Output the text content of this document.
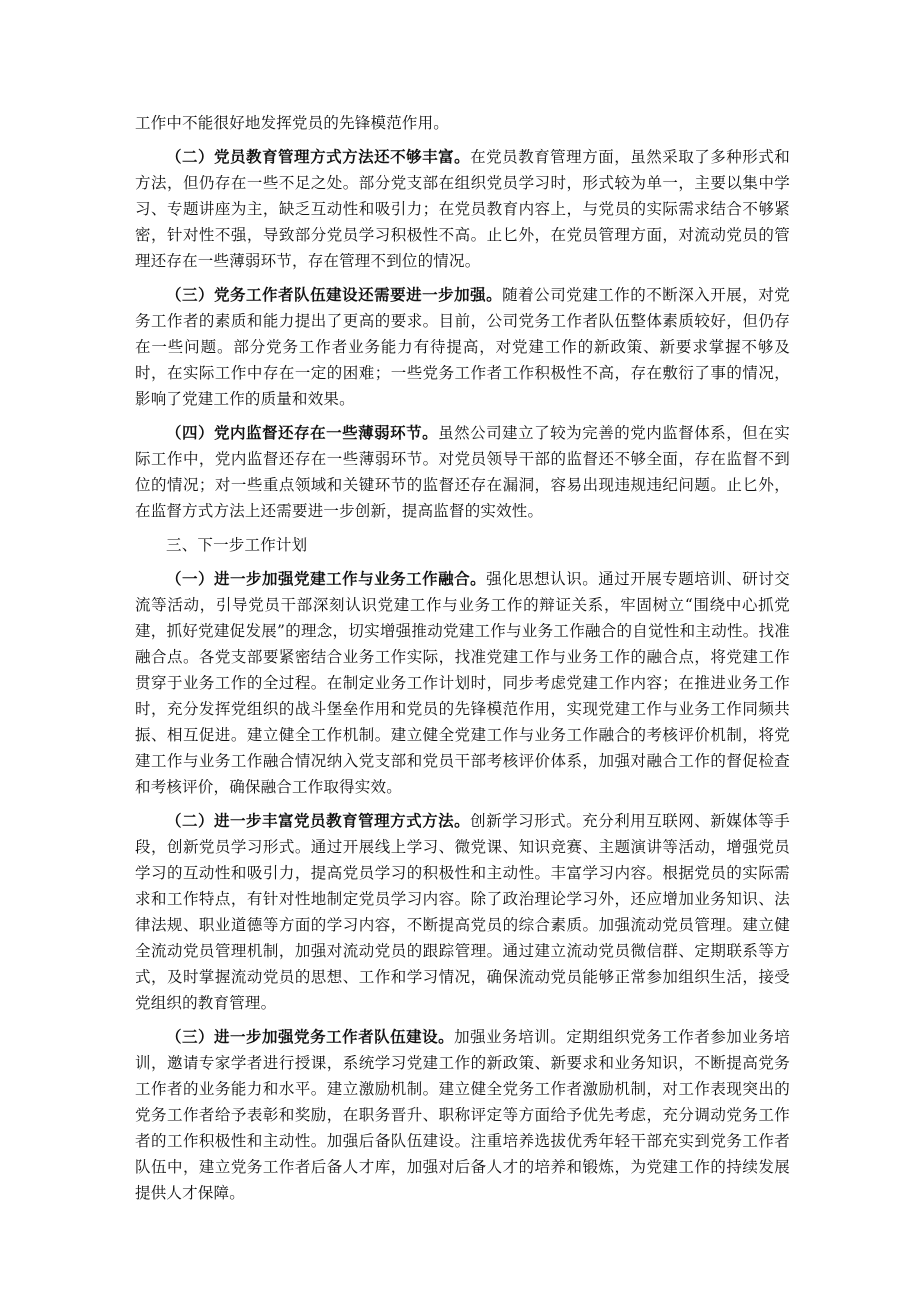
工作中不能很好地发挥党员的先锋模范作用。

（二）党员教育管理方式方法还不够丰富。在党员教育管理方面，虽然采取了多种形式和方法，但仍存在一些不足之处。部分党支部在组织党员学习时，形式较为单一，主要以集中学习、专题讲座为主，缺乏互动性和吸引力；在党员教育内容上，与党员的实际需求结合不够紧密，针对性不强，导致部分党员学习积极性不高。止匕外，在党员管理方面，对流动党员的管理还存在一些薄弱环节，存在管理不到位的情况。

（三）党务工作者队伍建设还需要进一步加强。随着公司党建工作的不断深入开展，对党务工作者的素质和能力提出了更高的要求。目前，公司党务工作者队伍整体素质较好，但仍存在一些问题。部分党务工作者业务能力有待提高，对党建工作的新政策、新要求掌握不够及时，在实际工作中存在一定的困难；一些党务工作者工作积极性不高，存在敷衍了事的情况，影响了党建工作的质量和效果。

（四）党内监督还存在一些薄弱环节。虽然公司建立了较为完善的党内监督体系，但在实际工作中，党内监督还存在一些薄弱环节。对党员领导干部的监督还不够全面，存在监督不到位的情况；对一些重点领域和关键环节的监督还存在漏洞，容易出现违规违纪问题。止匕外，在监督方式方法上还需要进一步创新，提高监督的实效性。

三、下一步工作计划

（一）进一步加强党建工作与业务工作融合。强化思想认识。通过开展专题培训、研讨交流等活动，引导党员干部深刻认识党建工作与业务工作的辩证关系，牢固树立“围绕中心抓党建，抓好党建促发展”的理念，切实增强推动党建工作与业务工作融合的自觉性和主动性。找准融合点。各党支部要紧密结合业务工作实际，找准党建工作与业务工作的融合点，将党建工作贯穿于业务工作的全过程。在制定业务工作计划时，同步考虑党建工作内容；在推进业务工作时，充分发挥党组织的战斗堡垒作用和党员的先锋模范作用，实现党建工作与业务工作同频共振、相互促进。建立健全工作机制。建立健全党建工作与业务工作融合的考核评价机制，将党建工作与业务工作融合情况纳入党支部和党员干部考核评价体系，加强对融合工作的督促检查和考核评价，确保融合工作取得实效。

（二）进一步丰富党员教育管理方式方法。创新学习形式。充分利用互联网、新媒体等手段，创新党员学习形式。通过开展线上学习、微党课、知识竞赛、主题演讲等活动，增强党员学习的互动性和吸引力，提高党员学习的积极性和主动性。丰富学习内容。根据党员的实际需求和工作特点，有针对性地制定党员学习内容。除了政治理论学习外，还应增加业务知识、法律法规、职业道德等方面的学习内容，不断提高党员的综合素质。加强流动党员管理。建立健全流动党员管理机制，加强对流动党员的跟踪管理。通过建立流动党员微信群、定期联系等方式，及时掌握流动党员的思想、工作和学习情况，确保流动党员能够正常参加组织生活，接受党组织的教育管理。

（三）进一步加强党务工作者队伍建设。加强业务培训。定期组织党务工作者参加业务培训，邀请专家学者进行授课，系统学习党建工作的新政策、新要求和业务知识，不断提高党务工作者的业务能力和水平。建立激励机制。建立健全党务工作者激励机制，对工作表现突出的党务工作者给予表彰和奖励，在职务晋升、职称评定等方面给予优先考虑，充分调动党务工作者的工作积极性和主动性。加强后备队伍建设。注重培养选拔优秀年轻干部充实到党务工作者队伍中，建立党务工作者后备人才库，加强对后备人才的培养和锻炼，为党建工作的持续发展提供人才保障。
